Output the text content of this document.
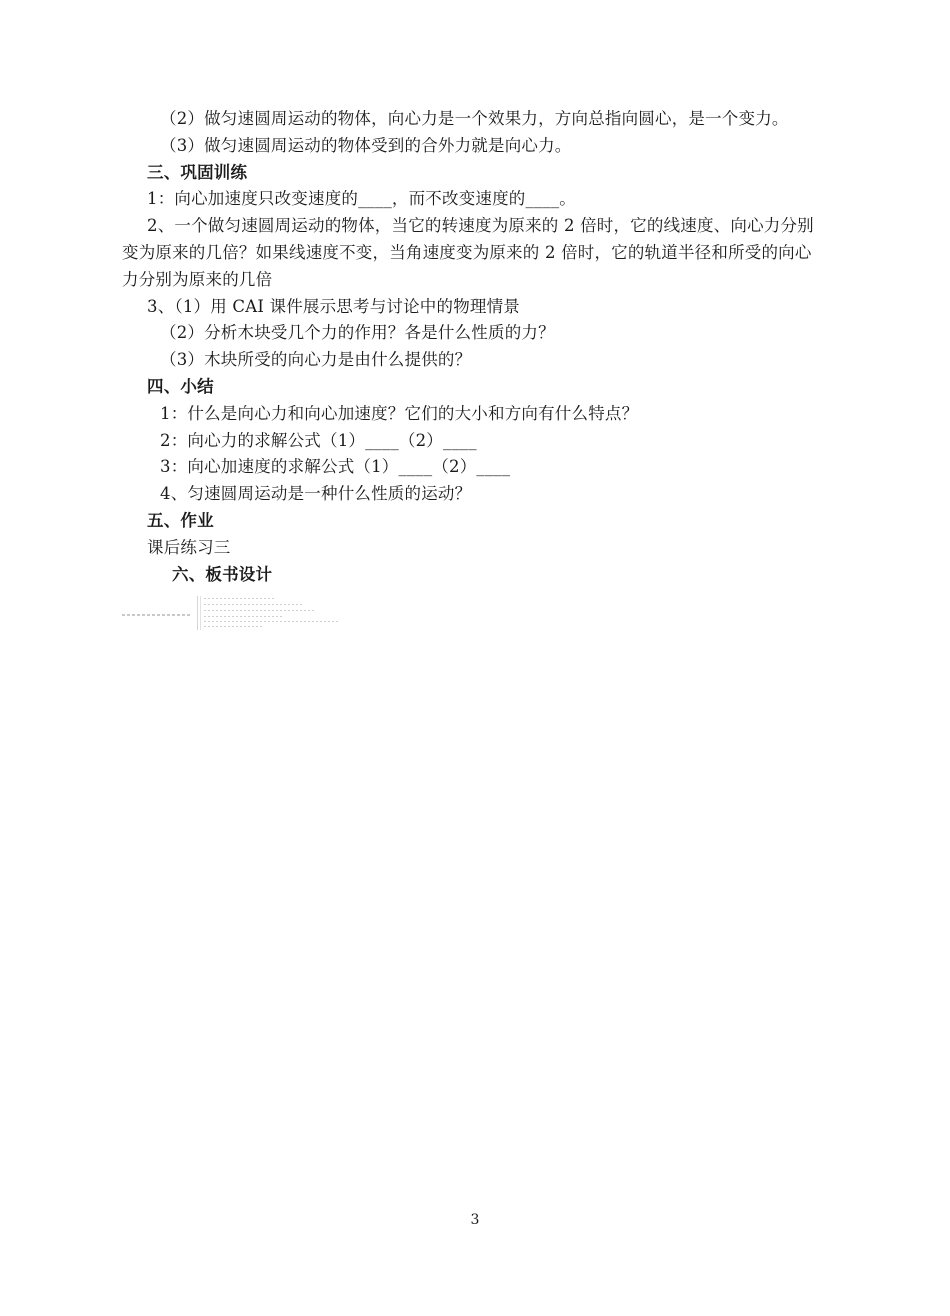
（2）做匀速圆周运动的物体，向心力是一个效果力，方向总指向圆心，是一个变力。
（3）做匀速圆周运动的物体受到的合外力就是向心力。
三、巩固训练
1：向心加速度只改变速度的____，而不改变速度的____。
2、一个做匀速圆周运动的物体，当它的转速度为原来的 2 倍时，它的线速度、向心力分别
变为原来的几倍？如果线速度不变，当角速度变为原来的 2 倍时，它的轨道半径和所受的向心
力分别为原来的几倍
3、（1）用 CAI 课件展示思考与讨论中的物理情景
（2）分析木块受几个力的作用？各是什么性质的力？
（3）木块所受的向心力是由什么提供的？
四、小结
1：什么是向心力和向心加速度？它们的大小和方向有什么特点？
2：向心力的求解公式（1）____（2）____
3：向心加速度的求解公式（1）____（2）____
4、匀速圆周运动是一种什么性质的运动？
五、作业
课后练习三
六、板书设计
3
